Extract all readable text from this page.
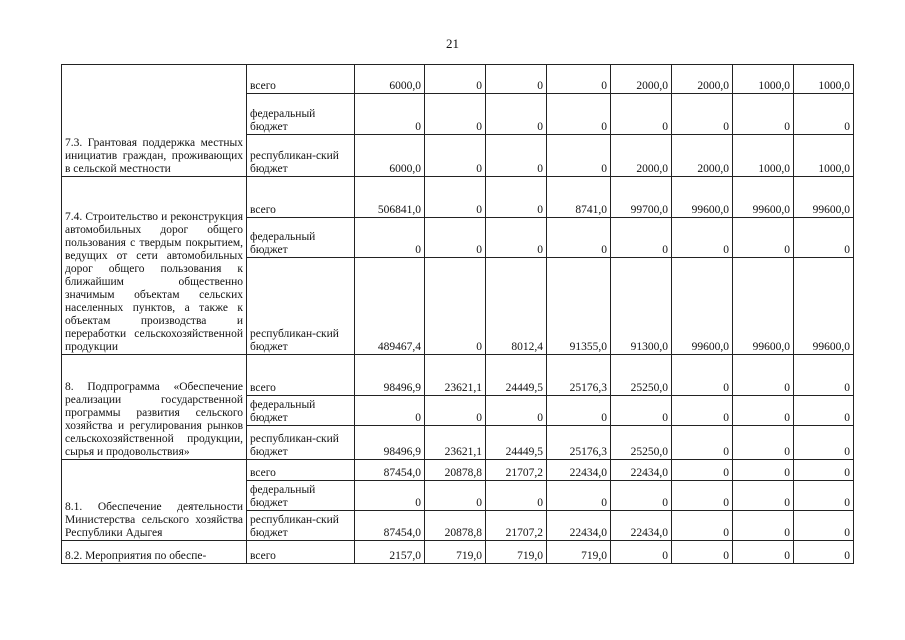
21
7.3. Грантовая поддержка местных инициатив граждан, проживающих в сельской местности	всего	6000,0	0	0	0	2000,0	2000,0	1000,0	1000,0
	федеральный бюджет	0	0	0	0	0	0	0	0
	республикан-ский бюджет	6000,0	0	0	0	2000,0	2000,0	1000,0	1000,0
7.4. Строительство и реконструкция автомобильных дорог общего пользования с твердым покрытием, ведущих от сети автомобильных дорог общего пользования к ближайшим общественно значимым объектам сельских населенных пунктов, а также к объектам производства и переработки сельскохозяйственной продукции	всего	506841,0	0	0	8741,0	99700,0	99600,0	99600,0	99600,0
	федеральный бюджет	0	0	0	0	0	0	0	0
	республикан-ский бюджет	489467,4	0	8012,4	91355,0	91300,0	99600,0	99600,0	99600,0
8. Подпрограмма «Обеспечение реализации государственной программы развития сельского хозяйства и регулирования рынков сельскохозяйственной продукции, сырья и продовольствия»	всего	98496,9	23621,1	24449,5	25176,3	25250,0	0	0	0
	федеральный бюджет	0	0	0	0	0	0	0	0
	республикан-ский бюджет	98496,9	23621,1	24449,5	25176,3	25250,0	0	0	0
8.1. Обеспечение деятельности Министерства сельского хозяйства Республики Адыгея	всего	87454,0	20878,8	21707,2	22434,0	22434,0	0	0	0
	федеральный бюджет	0	0	0	0	0	0	0	0
	республикан-ский бюджет	87454,0	20878,8	21707,2	22434,0	22434,0	0	0	0
8.2. Мероприятия по обеспе-	всего	2157,0	719,0	719,0	719,0	0	0	0	0
